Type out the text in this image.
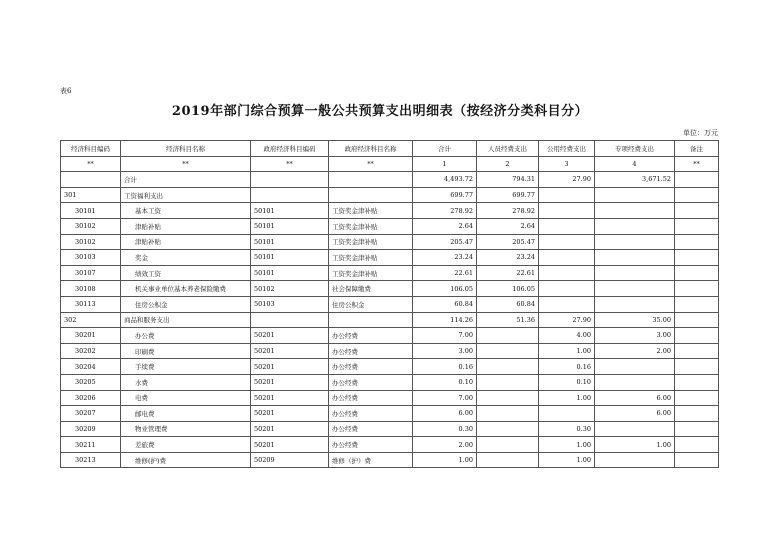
表6
2019年部门综合预算一般公共预算支出明细表（按经济分类科目分）
单位：万元
经济科目编码	经济科目名称	政府经济科目编码	政府经济科目名称	合计	人员经费支出	公用经费支出	专项经费支出	备注
**	**	**	**	1	2	3	4	**
	合计			4,493.72	794.31	27.90	3,671.52	
301	工资福利支出			699.77	699.77			
30101	基本工资	50101	工资奖金津补贴	278.92	278.92			
30102	津贴补贴	50101	工资奖金津补贴	2.64	2.64			
30102	津贴补贴	50101	工资奖金津补贴	205.47	205.47			
30103	奖金	50101	工资奖金津补贴	23.24	23.24			
30107	绩效工资	50101	工资奖金津补贴	22.61	22.61			
30108	机关事业单位基本养老保险缴费	50102	社会保障缴费	106.05	106.05			
30113	住房公积金	50103	住房公积金	60.84	60.84			
302	商品和服务支出			114.26	51.36	27.90	35.00	
30201	办公费	50201	办公经费	7.00		4.00	3.00	
30202	印刷费	50201	办公经费	3.00		1.00	2.00	
30204	手续费	50201	办公经费	0.16		0.16		
30205	水费	50201	办公经费	0.10		0.10		
30206	电费	50201	办公经费	7.00		1.00	6.00	
30207	邮电费	50201	办公经费	6.00			6.00	
30209	物业管理费	50201	办公经费	0.30		0.30		
30211	差旅费	50201	办公经费	2.00		1.00	1.00	
30213	维修(护)费	50209	维修（护）费	1.00		1.00		
